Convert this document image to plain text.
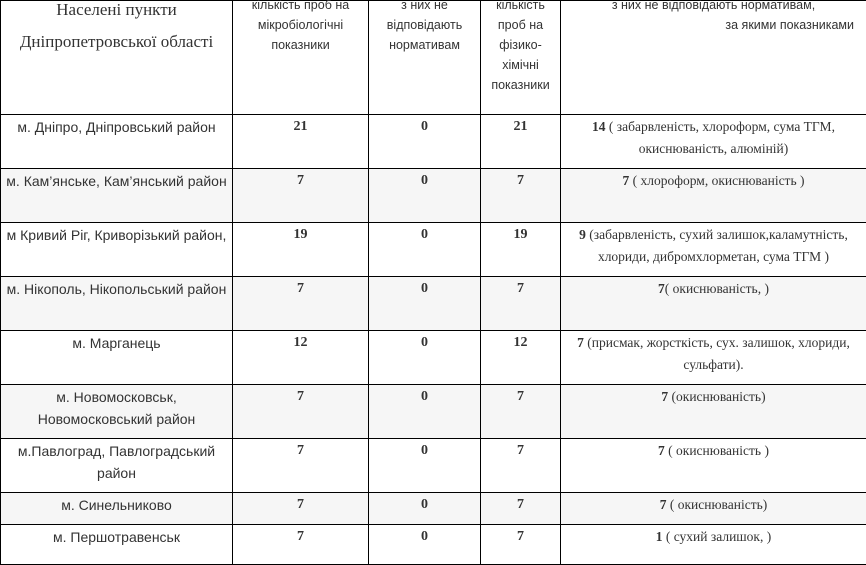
Населені пункти
Дніпропетровської області	кількість проб на мікробіологічні показники	з них не відповідають нормативам	кількість проб на фізико-хімічні показники	з них не відповідають нормативам,
за якими показниками

м. Дніпро, Дніпровський район	21	0	21	14 ( забарвленість, хлороформ, сума ТГМ, окиснюваність, алюміній)
м. Кам’янське, Кам’янський район	7	0	7	7 ( хлороформ, окиснюваність )
м Кривий Ріг, Криворізький район,	19	0	19	9 (забарвленість, сухий залишок,каламутність, хлориди, дибромхлорметан, сума ТГМ )
м. Нікополь, Нікопольський район	7	0	7	7( окиснюваність, )
м. Марганець	12	0	12	7 (присмак, жорсткість, сух. залишок, хлориди, сульфати).
м. Новомосковськ, Новомосковський район	7	0	7	7 (окиснюваність)
м.Павлоград, Павлоградський район	7	0	7	7 ( окиснюваність )
м. Синельниково	7	0	7	7 ( окиснюваність)
м. Першотравенськ	7	0	7	1 ( сухий залишок, )
